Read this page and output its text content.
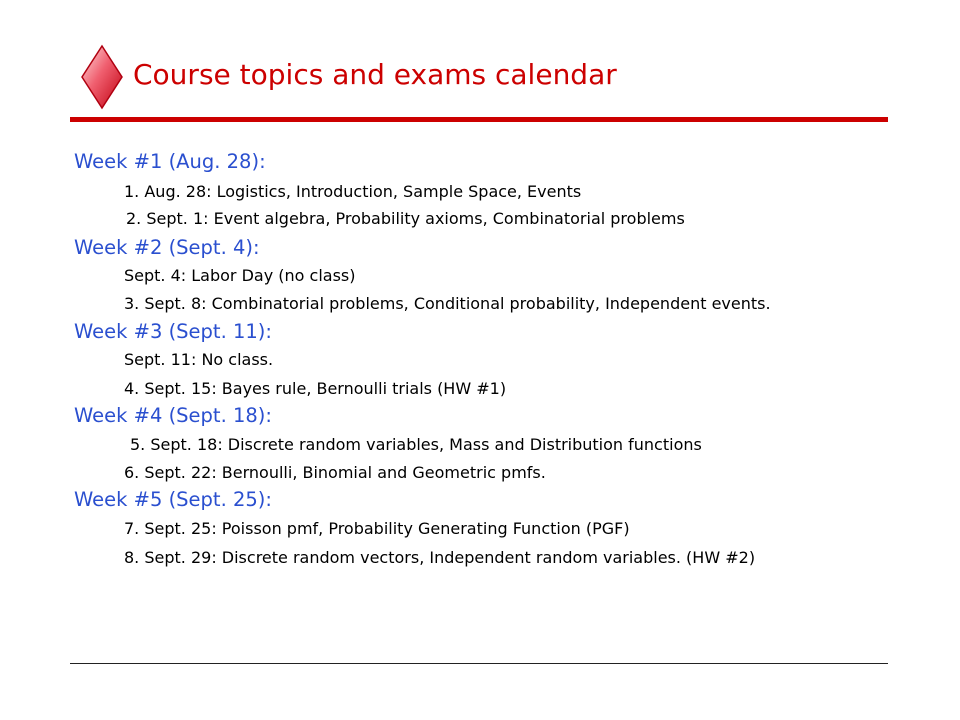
Course topics and exams calendar
Week #1 (Aug. 28):
1. Aug. 28: Logistics, Introduction, Sample Space, Events
2. Sept. 1: Event algebra, Probability axioms, Combinatorial problems
Week #2 (Sept. 4):
Sept. 4: Labor Day (no class)
3. Sept. 8: Combinatorial problems, Conditional probability, Independent events.
Week #3 (Sept. 11):
Sept. 11: No class.
4. Sept. 15: Bayes rule, Bernoulli trials (HW #1)
Week #4 (Sept. 18):
5. Sept. 18: Discrete random variables, Mass and Distribution functions
6. Sept. 22: Bernoulli, Binomial and Geometric pmfs.
Week #5 (Sept. 25):
7. Sept. 25: Poisson pmf, Probability Generating Function (PGF)
8. Sept. 29: Discrete random vectors, Independent random variables. (HW #2)
